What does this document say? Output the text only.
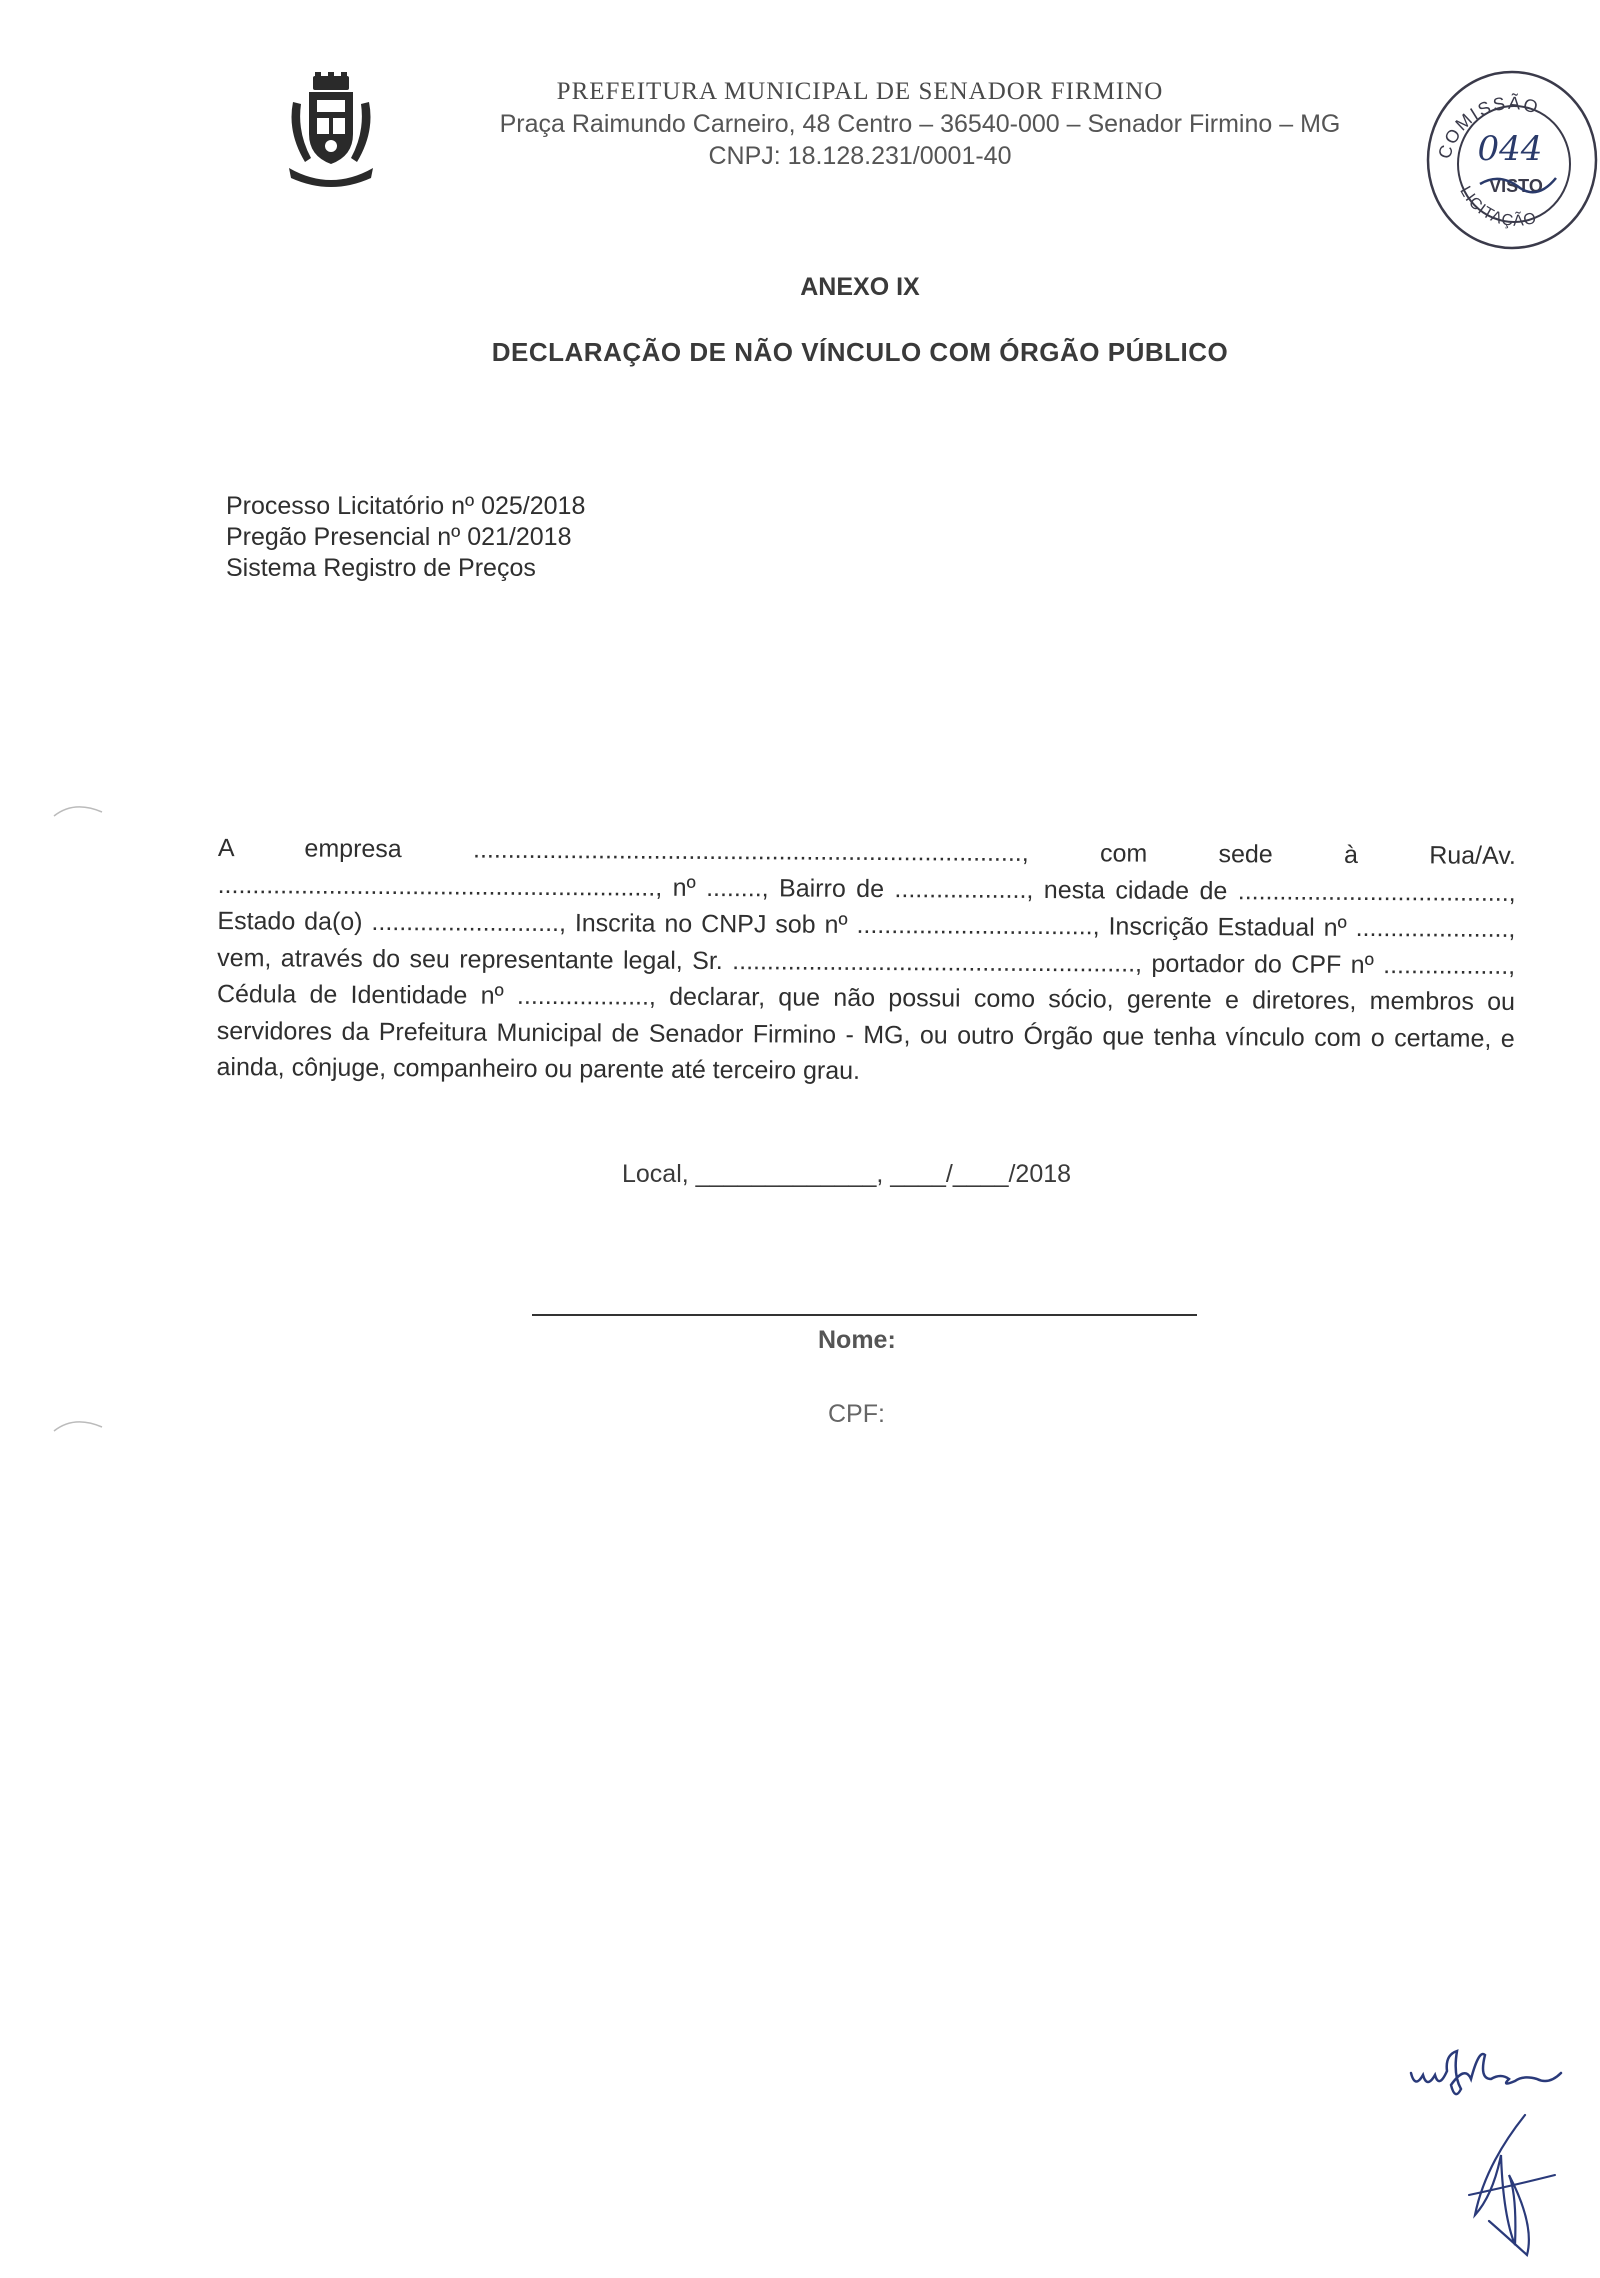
PREFEITURA MUNICIPAL DE SENADOR FIRMINO
Praça Raimundo Carneiro, 48 Centro – 36540-000 – Senador Firmino – MG
CNPJ: 18.128.231/0001-40	COMISSÃO
LICITAÇÃO
044
VISTO
ANEXO IX
DECLARAÇÃO DE NÃO VÍNCULO COM ÓRGÃO PÚBLICO
Processo Licitatório nº 025/2018
Pregão Presencial nº 021/2018
Sistema Registro de Preços
A empresa ..............................................................................., com sede à Rua/Av. ..............................................................., nº ........, Bairro de ..................., nesta cidade de ......................................., Estado da(o) ..........................., Inscrita no CNPJ sob nº .................................., Inscrição Estadual nº ......................, vem, através do seu representante legal, Sr. .........................................................., portador do CPF nº .................., Cédula de Identidade nº ..................., declarar, que não possui como sócio, gerente e diretores, membros ou servidores da Prefeitura Municipal de Senador Firmino - MG, ou outro Órgão que tenha vínculo com o certame, e ainda, cônjuge, companheiro ou parente até terceiro grau.
Local, _____________, ____/____/2018
Nome:
CPF:
